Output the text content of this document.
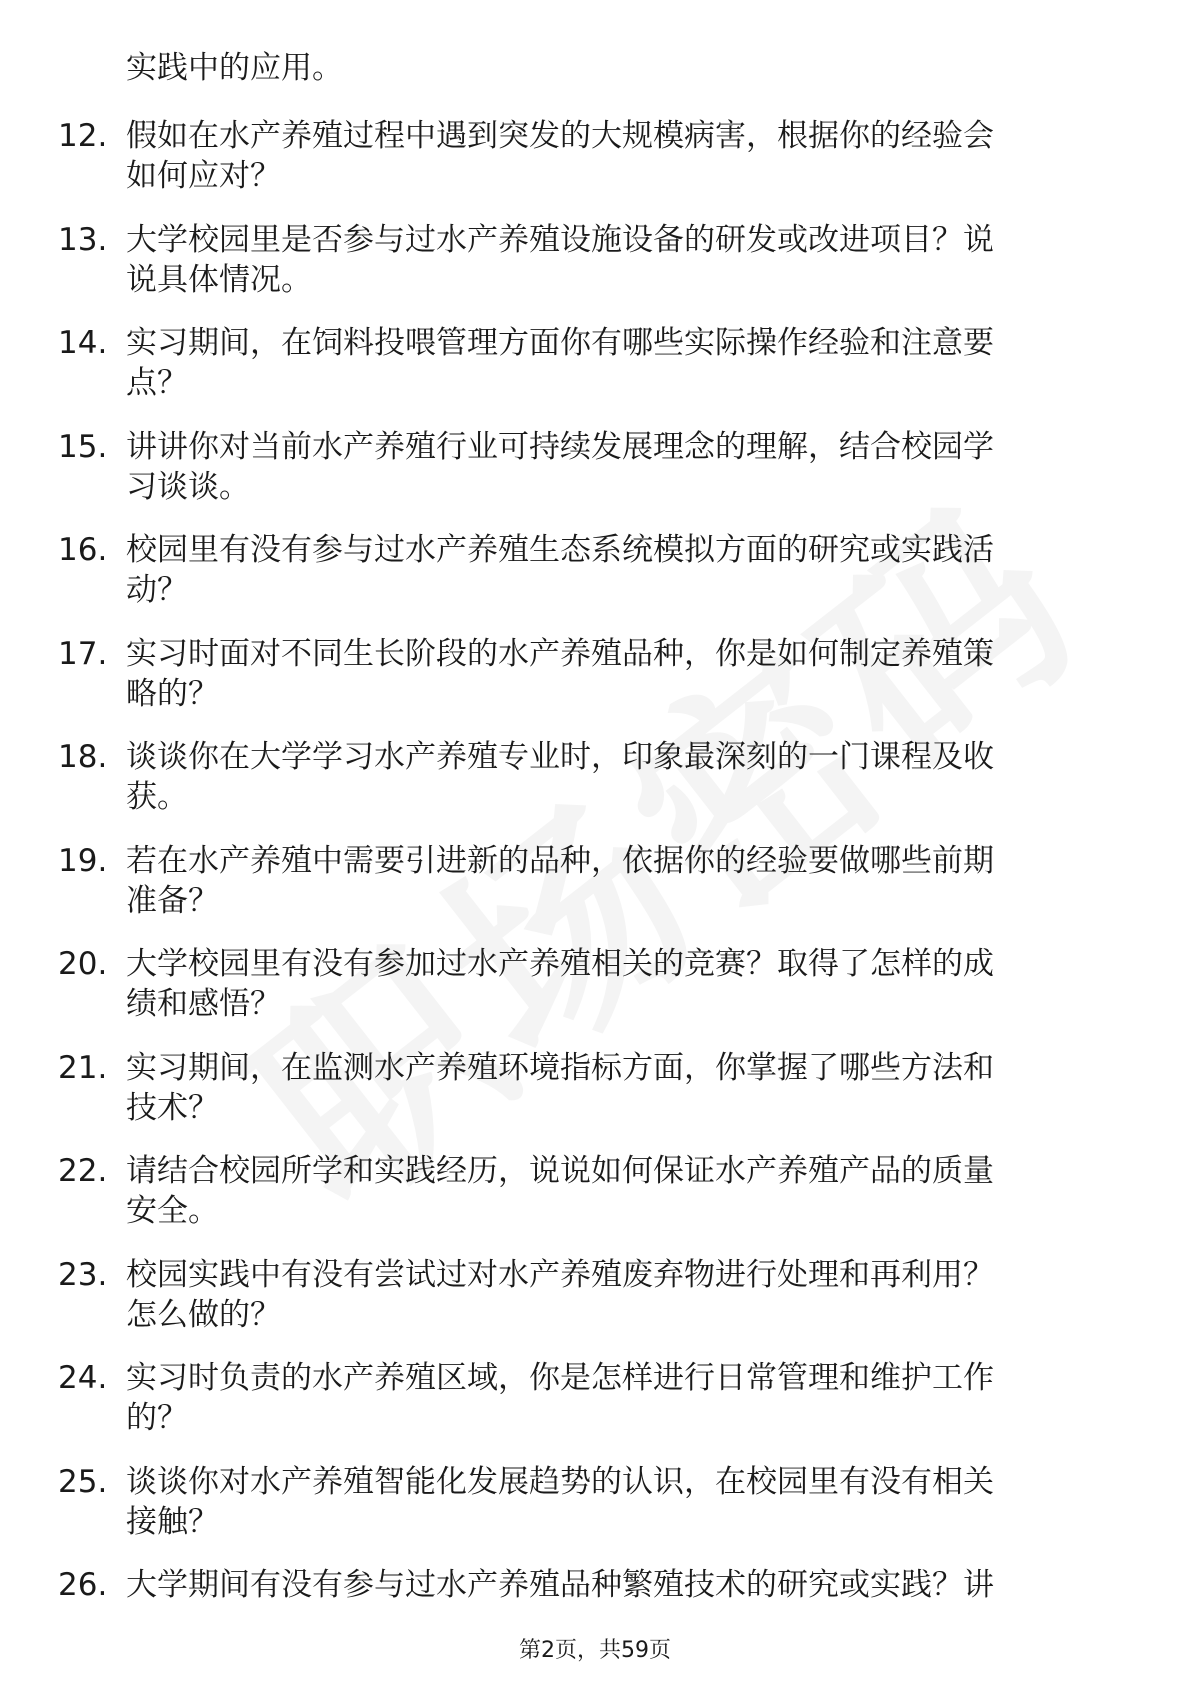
实践中的应用。
12. 假如在水产养殖过程中遇到突发的大规模病害，根据你的经验会
如何应对？
13. 大学校园里是否参与过水产养殖设施设备的研发或改进项目？说
说具体情况。
14. 实习期间，在饲料投喂管理方面你有哪些实际操作经验和注意要
点？
15. 讲讲你对当前水产养殖行业可持续发展理念的理解，结合校园学
习谈谈。
16. 校园里有没有参与过水产养殖生态系统模拟方面的研究或实践活
动？
17. 实习时面对不同生长阶段的水产养殖品种，你是如何制定养殖策
略的？
18. 谈谈你在大学学习水产养殖专业时，印象最深刻的一门课程及收
获。
19. 若在水产养殖中需要引进新的品种，依据你的经验要做哪些前期
准备？
20. 大学校园里有没有参加过水产养殖相关的竞赛？取得了怎样的成
绩和感悟？
21. 实习期间，在监测水产养殖环境指标方面，你掌握了哪些方法和
技术？
22. 请结合校园所学和实践经历，说说如何保证水产养殖产品的质量
安全。
23. 校园实践中有没有尝试过对水产养殖废弃物进行处理和再利用？
怎么做的？
24. 实习时负责的水产养殖区域，你是怎样进行日常管理和维护工作
的？
25. 谈谈你对水产养殖智能化发展趋势的认识，在校园里有没有相关
接触？
26. 大学期间有没有参与过水产养殖品种繁殖技术的研究或实践？讲
第2页，共59页
